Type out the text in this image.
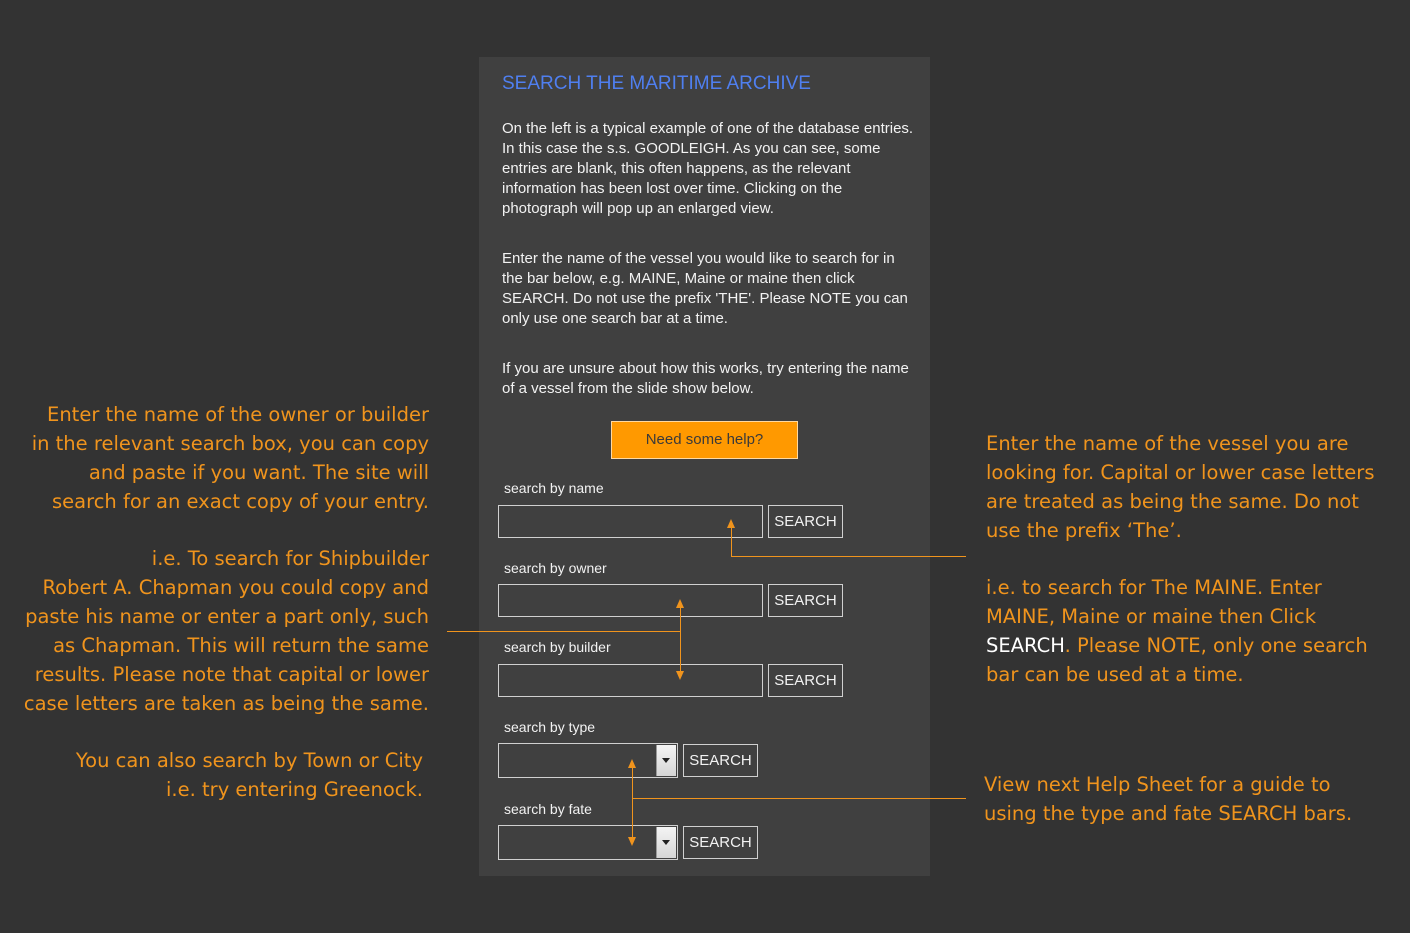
SEARCH THE MARITIME ARCHIVE

On the left is a typical example of one of the database entries. In this case the s.s. GOODLEIGH. As you can see, some entries are blank, this often happens, as the relevant information has been lost over time. Clicking on the photograph will pop up an enlarged view.

Enter the name of the vessel you would like to search for in the bar below, e.g. MAINE, Maine or maine then click SEARCH. Do not use the prefix 'THE'. Please NOTE you can only use one search bar at a time.

If you are unsure about how this works, try entering the name of a vessel from the slide show below.

Need some help?
search by name
SEARCH
search by owner
SEARCH
search by builder
SEARCH
search by type
SEARCH
search by fate
SEARCH
Enter the name of the owner or builder
in the relevant search box, you can copy
and paste if you want. The site will
search for an exact copy of your entry.
i.e. To search for Shipbuilder
Robert A. Chapman you could copy and
paste his name or enter a part only, such
as Chapman. This will return the same
results. Please note that capital or lower
case letters are taken as being the same.
You can also search by Town or City
i.e. try entering Greenock.
Enter the name of the vessel you are
looking for. Capital or lower case letters
are treated as being the same. Do not
use the prefix ‘The’.
i.e. to search for The MAINE. Enter
MAINE, Maine or maine then Click
SEARCH. Please NOTE, only one search
bar can be used at a time.
View next Help Sheet for a guide to
using the type and fate SEARCH bars.
